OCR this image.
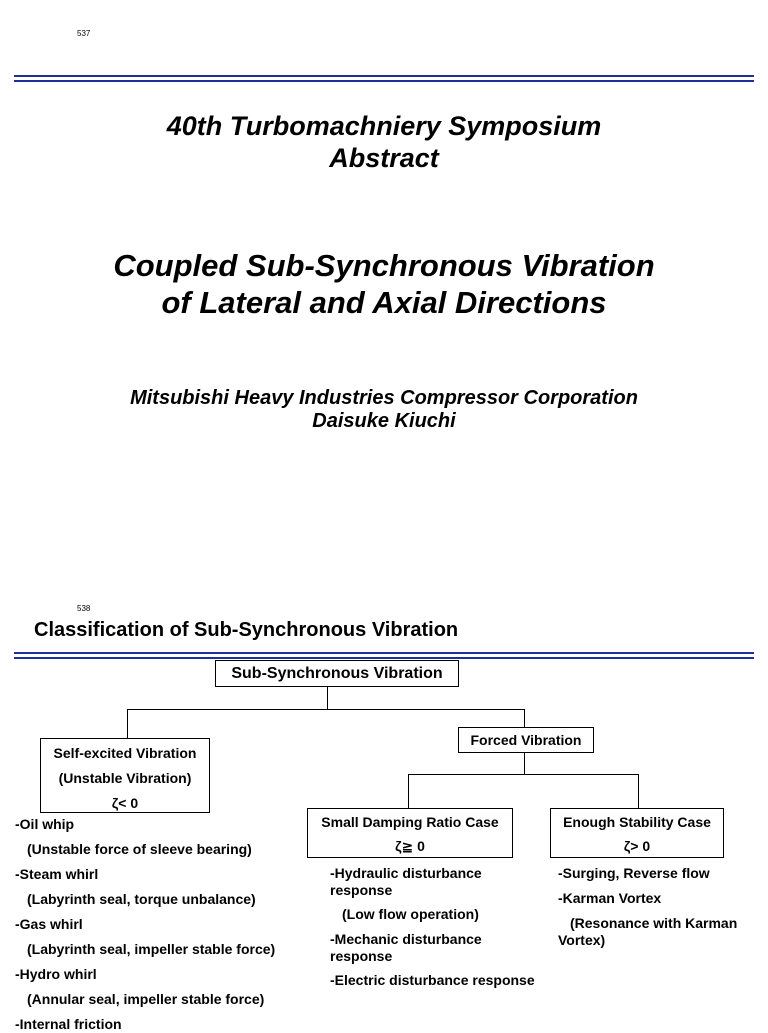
537
40th Turbomachniery Symposium
Abstract
Coupled Sub-Synchronous Vibration
of Lateral and Axial Directions
Mitsubishi Heavy Industries Compressor Corporation
Daisuke Kiuchi
538
Classification of Sub-Synchronous Vibration
Sub-Synchronous Vibration
Self-excited Vibration
(Unstable Vibration)
ζ< 0
Forced Vibration
Small Damping Ratio Case
ζ≧ 0
Enough Stability Case
ζ> 0
-Oil whip
(Unstable force of sleeve bearing)
-Steam whirl
(Labyrinth seal, torque unbalance)
-Gas whirl
(Labyrinth seal, impeller stable force)
-Hydro whirl
(Annular seal, impeller stable force)
-Internal friction
-Hydraulic disturbance response
(Low flow operation)
-Mechanic disturbance response
-Electric disturbance response
-Surging, Reverse flow
-Karman Vortex
(Resonance with Karman Vortex)
